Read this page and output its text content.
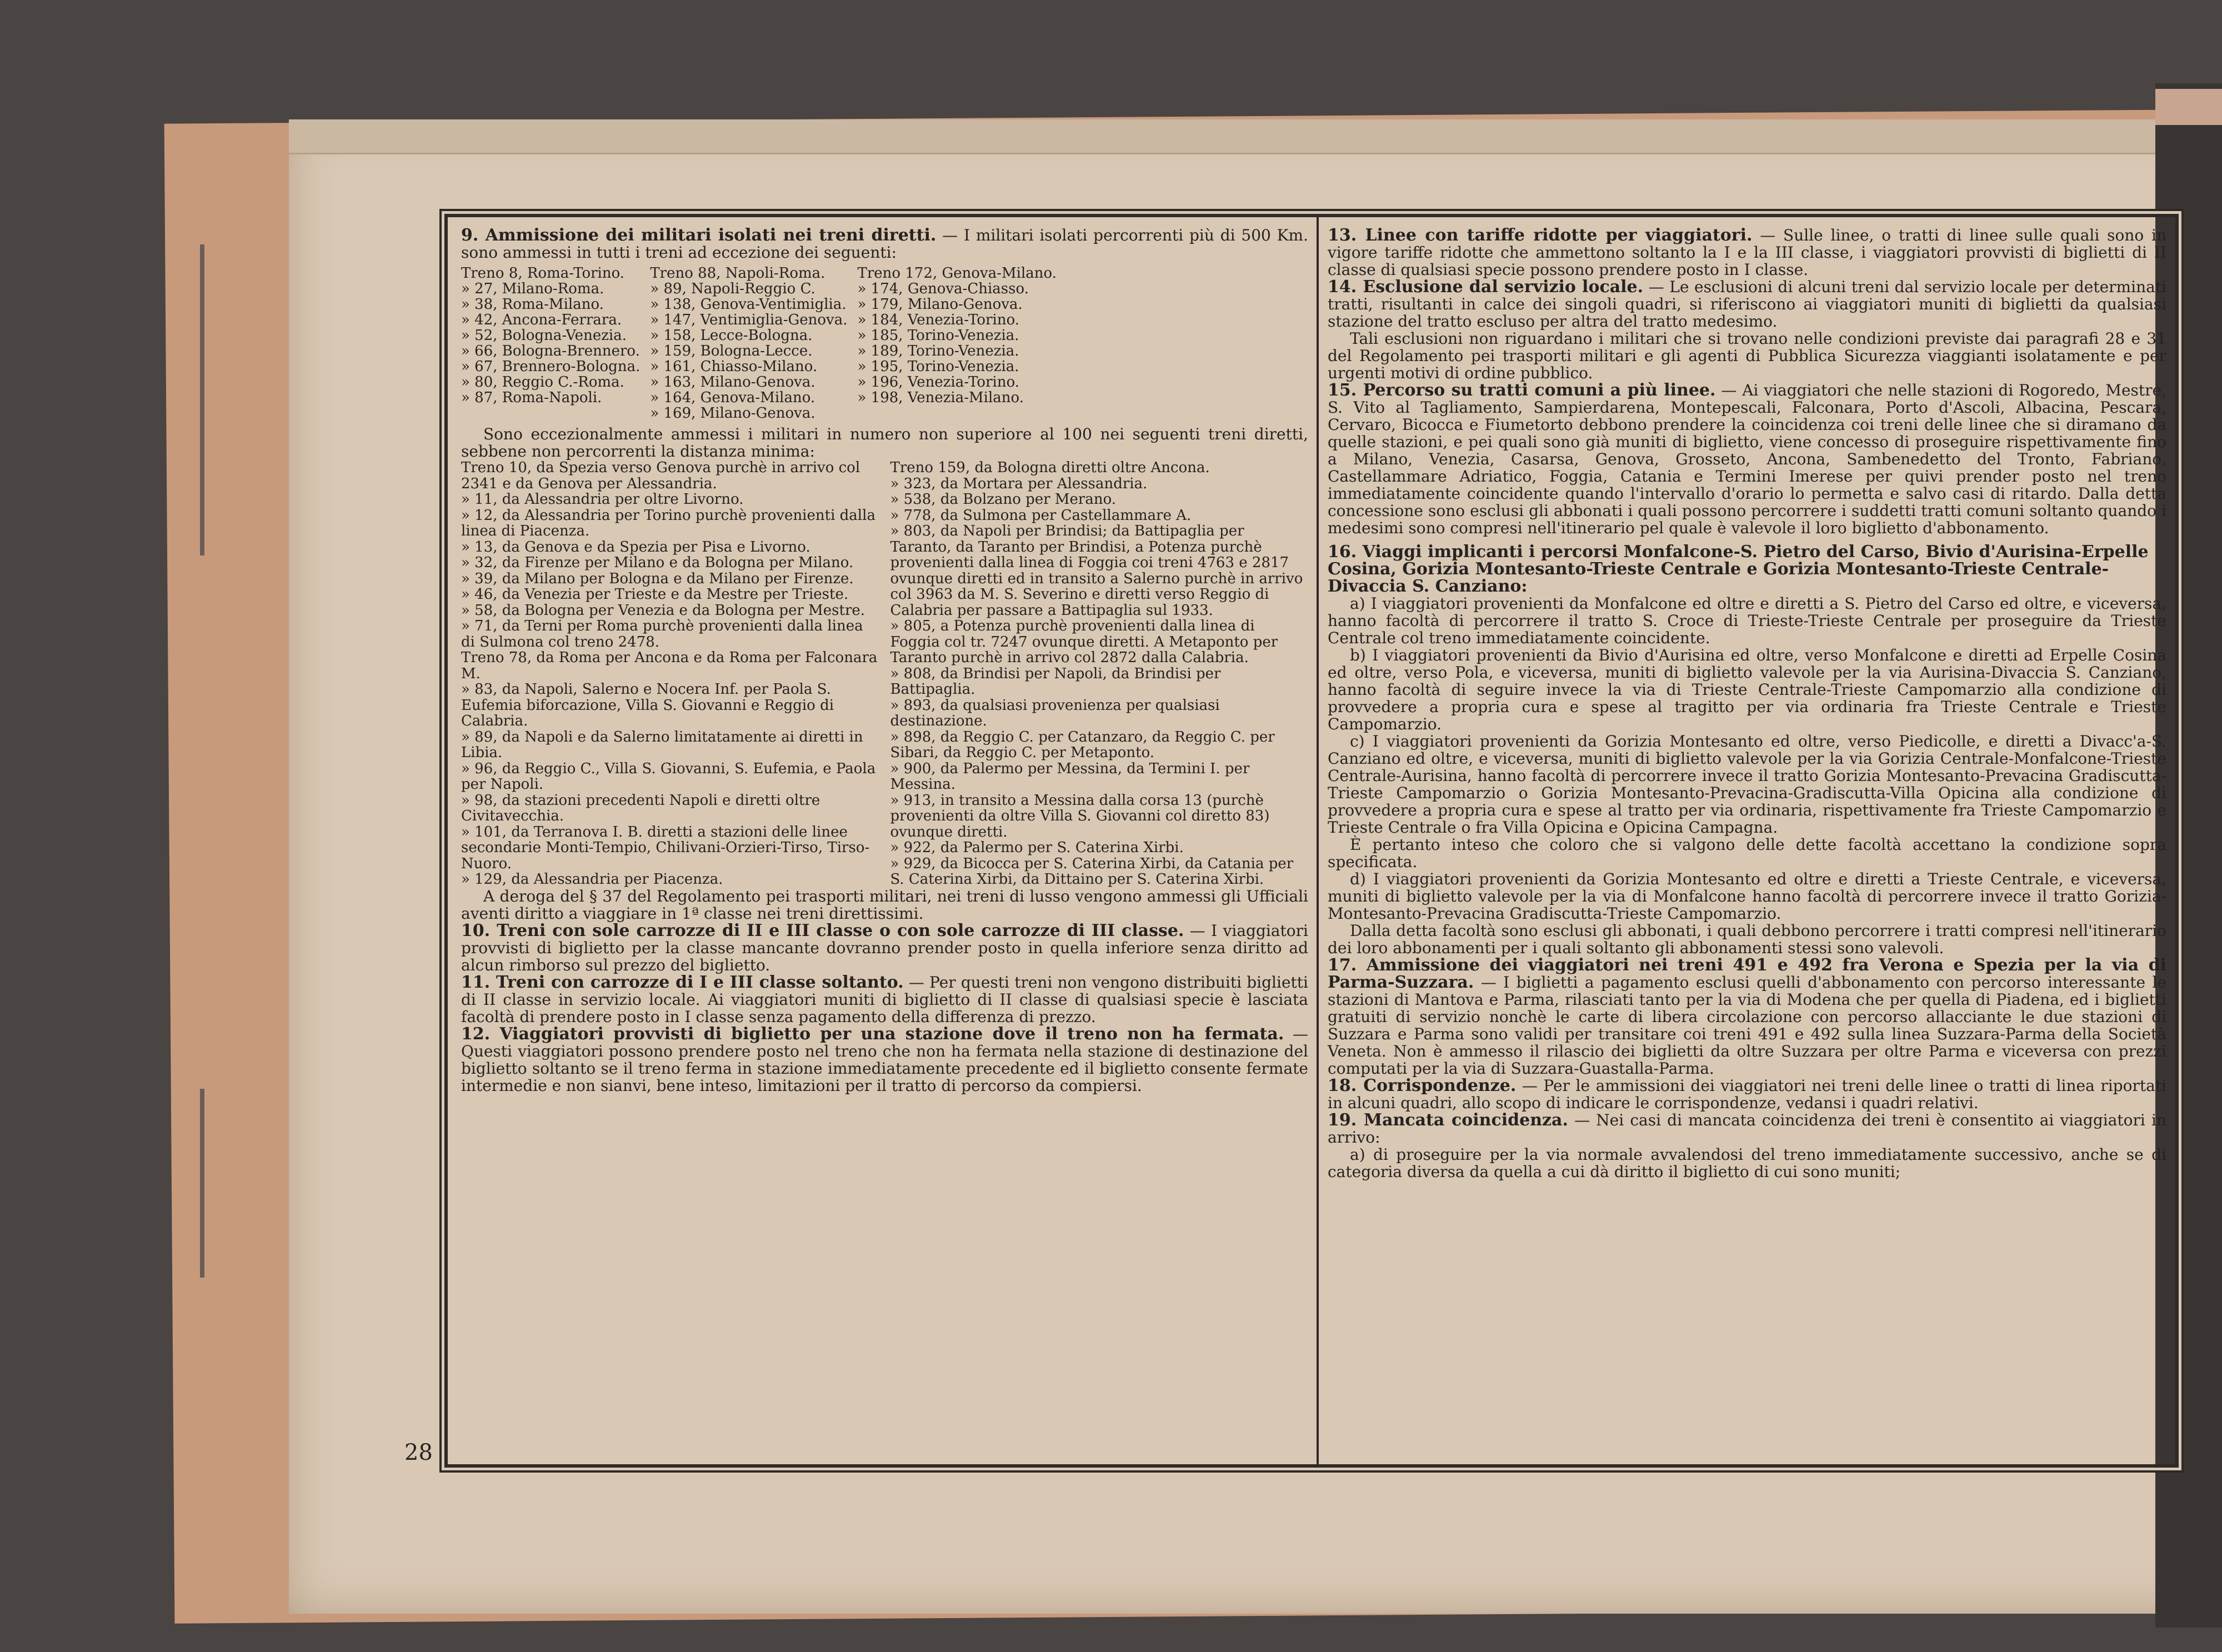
9. Ammissione dei militari isolati nei treni diretti. — I militari isolati percorrenti più di 500 Km. sono ammessi in tutti i treni ad eccezione dei seguenti:
Treno 8, Roma-Torino.
» 27, Milano-Roma.
» 38, Roma-Milano.
» 42, Ancona-Ferrara.
» 52, Bologna-Venezia.
» 66, Bologna-Brennero.
» 67, Brennero-Bologna.
» 80, Reggio C.-Roma.
» 87, Roma-Napoli.
Treno 88, Napoli-Roma.
» 89, Napoli-Reggio C.
» 138, Genova-Ventimiglia.
» 147, Ventimiglia-Genova.
» 158, Lecce-Bologna.
» 159, Bologna-Lecce.
» 161, Chiasso-Milano.
» 163, Milano-Genova.
» 164, Genova-Milano.
» 169, Milano-Genova.
Treno 172, Genova-Milano.
» 174, Genova-Chiasso.
» 179, Milano-Genova.
» 184, Venezia-Torino.
» 185, Torino-Venezia.
» 189, Torino-Venezia.
» 195, Torino-Venezia.
» 196, Venezia-Torino.
» 198, Venezia-Milano.

Sono eccezionalmente ammessi i militari in numero non superiore al 100 nei seguenti treni diretti, sebbene non percorrenti la distanza minima:

Treno 10, da Spezia verso Genova purchè in arrivo col 2341 e da Genova per Alessandria.
» 11, da Alessandria per oltre Livorno.
» 12, da Alessandria per Torino purchè provenienti dalla linea di Piacenza.
» 13, da Genova e da Spezia per Pisa e Livorno.
» 32, da Firenze per Milano e da Bologna per Milano.
» 39, da Milano per Bologna e da Milano per Firenze.
» 46, da Venezia per Trieste e da Mestre per Trieste.
» 58, da Bologna per Venezia e da Bologna per Mestre.
» 71, da Terni per Roma purchè provenienti dalla linea di Sulmona col treno 2478.
Treno 78, da Roma per Ancona e da Roma per Falconara M.
» 83, da Napoli, Salerno e Nocera Inf. per Paola S. Eufemia biforcazione, Villa S. Giovanni e Reggio di Calabria.
» 89, da Napoli e da Salerno limitatamente ai diretti in Libia.
» 96, da Reggio C., Villa S. Giovanni, S. Eufemia, e Paola per Napoli.
» 98, da stazioni precedenti Napoli e diretti oltre Civitavecchia.
» 101, da Terranova I. B. diretti a stazioni delle linee secondarie Monti-Tempio, Chilivani-Orzieri-Tirso, Tirso-Nuoro.
» 129, da Alessandria per Piacenza.
Treno 159, da Bologna diretti oltre Ancona.
» 323, da Mortara per Alessandria.
» 538, da Bolzano per Merano.
» 778, da Sulmona per Castellammare A.
» 803, da Napoli per Brindisi; da Battipaglia per Taranto, da Taranto per Brindisi, a Potenza purchè provenienti dalla linea di Foggia coi treni 4763 e 2817 ovunque diretti ed in transito a Salerno purchè in arrivo col 3963 da M. S. Severino e diretti verso Reggio di Calabria per passare a Battipaglia sul 1933.
» 805, a Potenza purchè provenienti dalla linea di Foggia col tr. 7247 ovunque diretti. A Metaponto per Taranto purchè in arrivo col 2872 dalla Calabria.
» 808, da Brindisi per Napoli, da Brindisi per Battipaglia.
» 893, da qualsiasi provenienza per qualsiasi destinazione.
» 898, da Reggio C. per Catanzaro, da Reggio C. per Sibari, da Reggio C. per Metaponto.
» 900, da Palermo per Messina, da Termini I. per Messina.
» 913, in transito a Messina dalla corsa 13 (purchè provenienti da oltre Villa S. Giovanni col diretto 83) ovunque diretti.
» 922, da Palermo per S. Caterina Xirbi.
» 929, da Bicocca per S. Caterina Xirbi, da Catania per S. Caterina Xirbi, da Dittaino per S. Caterina Xirbi.

A deroga del § 37 del Regolamento pei trasporti militari, nei treni di lusso vengono ammessi gli Ufficiali aventi diritto a viaggiare in 1ª classe nei treni direttissimi.

10. Treni con sole carrozze di II e III classe o con sole carrozze di III classe. — I viaggiatori provvisti di biglietto per la classe mancante dovranno prender posto in quella inferiore senza diritto ad alcun rimborso sul prezzo del biglietto.
11. Treni con carrozze di I e III classe soltanto. — Per questi treni non vengono distribuiti biglietti di II classe in servizio locale. Ai viaggiatori muniti di biglietto di II classe di qualsiasi specie è lasciata facoltà di prendere posto in I classe senza pagamento della differenza di prezzo.
12. Viaggiatori provvisti di biglietto per una stazione dove il treno non ha fermata. — Questi viaggiatori possono prendere posto nel treno che non ha fermata nella stazione di destinazione del biglietto soltanto se il treno ferma in stazione immediatamente precedente ed il biglietto consente fermate intermedie e non sianvi, bene inteso, limitazioni per il tratto di percorso da compiersi.
13. Linee con tariffe ridotte per viaggiatori. — Sulle linee, o tratti di linee sulle quali sono in vigore tariffe ridotte che ammettono soltanto la I e la III classe, i viaggiatori provvisti di biglietti di II classe di qualsiasi specie possono prendere posto in I classe.
14. Esclusione dal servizio locale. — Le esclusioni di alcuni treni dal servizio locale per determinati tratti, risultanti in calce dei singoli quadri, si riferiscono ai viaggiatori muniti di biglietti da qualsiasi stazione del tratto escluso per altra del tratto medesimo.

Tali esclusioni non riguardano i militari che si trovano nelle condizioni previste dai paragrafi 28 e 31 del Regolamento pei trasporti militari e gli agenti di Pubblica Sicurezza viaggianti isolatamente e per urgenti motivi di ordine pubblico.

15. Percorso su tratti comuni a più linee. — Ai viaggiatori che nelle stazioni di Rogoredo, Mestre, S. Vito al Tagliamento, Sampierdarena, Montepescali, Falconara, Porto d'Ascoli, Albacina, Pescara, Cervaro, Bicocca e Fiumetorto debbono prendere la coincidenza coi treni delle linee che si diramano da quelle stazioni, e pei quali sono già muniti di biglietto, viene concesso di proseguire rispettivamente fino a Milano, Venezia, Casarsa, Genova, Grosseto, Ancona, Sambenedetto del Tronto, Fabriano, Castellammare Adriatico, Foggia, Catania e Termini Imerese per quivi prender posto nel treno immediatamente coincidente quando l'intervallo d'orario lo permetta e salvo casi di ritardo. Dalla detta concessione sono esclusi gli abbonati i quali possono percorrere i suddetti tratti comuni soltanto quando i medesimi sono compresi nell'itinerario pel quale è valevole il loro biglietto d'abbonamento.
16. Viaggi implicanti i percorsi Monfalcone-S. Pietro del Carso, Bivio d'Aurisina-Erpelle Cosina, Gorizia Montesanto-Trieste Centrale e Gorizia Montesanto-Trieste Centrale-Divaccia S. Canziano:

a) I viaggiatori provenienti da Monfalcone ed oltre e diretti a S. Pietro del Carso ed oltre, e viceversa, hanno facoltà di percorrere il tratto S. Croce di Trieste-Trieste Centrale per proseguire da Trieste Centrale col treno immediatamente coincidente.

b) I viaggiatori provenienti da Bivio d'Aurisina ed oltre, verso Monfalcone e diretti ad Erpelle Cosina ed oltre, verso Pola, e viceversa, muniti di biglietto valevole per la via Aurisina-Divaccia S. Canziano, hanno facoltà di seguire invece la via di Trieste Centrale-Trieste Campomarzio alla condizione di provvedere a propria cura e spese al tragitto per via ordinaria fra Trieste Centrale e Trieste Campomarzio.

c) I viaggiatori provenienti da Gorizia Montesanto ed oltre, verso Piedicolle, e diretti a Divacc'a-S. Canziano ed oltre, e viceversa, muniti di biglietto valevole per la via Gorizia Centrale-Monfalcone-Trieste Centrale-Aurisina, hanno facoltà di percorrere invece il tratto Gorizia Montesanto-Prevacina Gradiscutta-Trieste Campomarzio o Gorizia Montesanto-Prevacina-Gradiscutta-Villa Opicina alla condizione di provvedere a propria cura e spese al tratto per via ordinaria, rispettivamente fra Trieste Campomarzio e Trieste Centrale o fra Villa Opicina e Opicina Campagna.

È pertanto inteso che coloro che si valgono delle dette facoltà accettano la condizione sopra specificata.

d) I viaggiatori provenienti da Gorizia Montesanto ed oltre e diretti a Trieste Centrale, e viceversa, muniti di biglietto valevole per la via di Monfalcone hanno facoltà di percorrere invece il tratto Gorizia-Montesanto-Prevacina Gradiscutta-Trieste Campomarzio.

Dalla detta facoltà sono esclusi gli abbonati, i quali debbono percorrere i tratti compresi nell'itinerario dei loro abbonamenti per i quali soltanto gli abbonamenti stessi sono valevoli.

17. Ammissione dei viaggiatori nei treni 491 e 492 fra Verona e Spezia per la via di Parma-Suzzara. — I biglietti a pagamento esclusi quelli d'abbonamento con percorso interessante le stazioni di Mantova e Parma, rilasciati tanto per la via di Modena che per quella di Piadena, ed i biglietti gratuiti di servizio nonchè le carte di libera circolazione con percorso allacciante le due stazioni di Suzzara e Parma sono validi per transitare coi treni 491 e 492 sulla linea Suzzara-Parma della Società Veneta. Non è ammesso il rilascio dei biglietti da oltre Suzzara per oltre Parma e viceversa con prezzi computati per la via di Suzzara-Guastalla-Parma.
18. Corrispondenze. — Per le ammissioni dei viaggiatori nei treni delle linee o tratti di linea riportati in alcuni quadri, allo scopo di indicare le corrispondenze, vedansi i quadri relativi.
19. Mancata coincidenza. — Nei casi di mancata coincidenza dei treni è consentito ai viaggiatori in arrivo:

a) di proseguire per la via normale avvalendosi del treno immediatamente successivo, anche se di categoria diversa da quella a cui dà diritto il biglietto di cui sono muniti;

28
